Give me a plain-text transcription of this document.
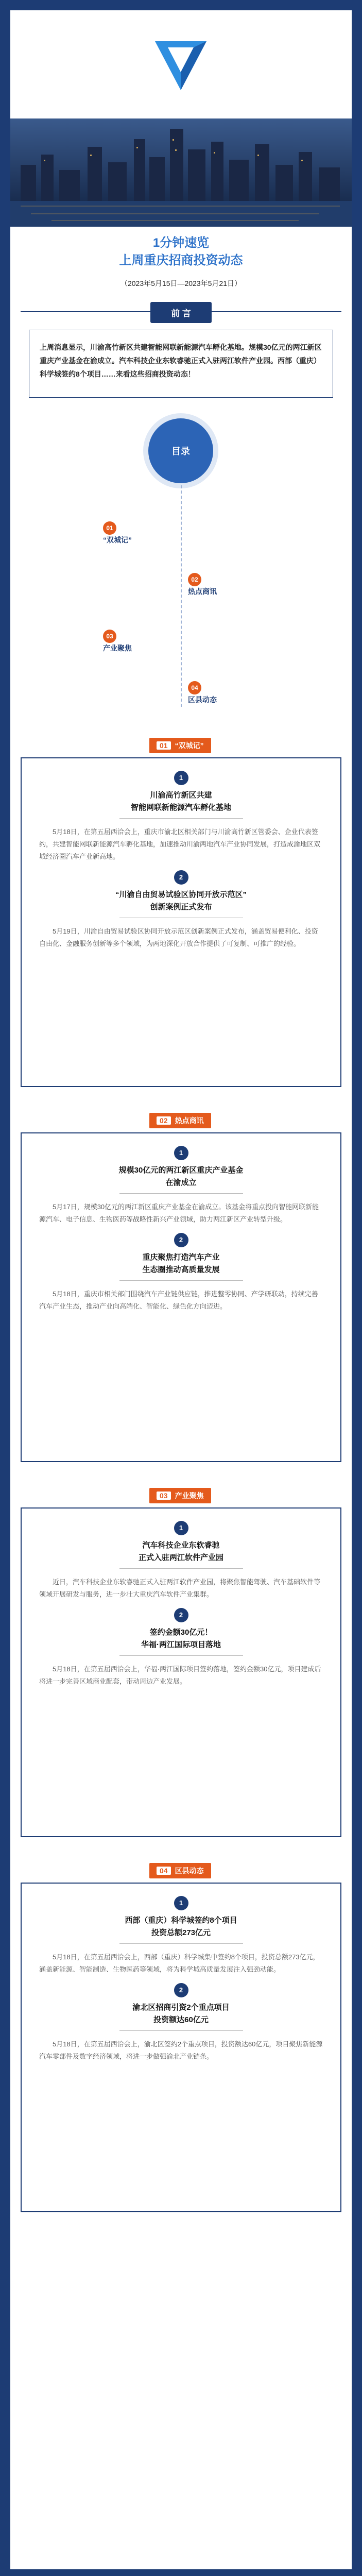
1分钟速览
上周重庆招商投资动态
（2023年5月15日—2023年5月21日）
前 言
上周消息显示，川渝高竹新区共建智能网联新能源汽车孵化基地。规模30亿元的两江新区重庆产业基金在渝成立。汽车科技企业东软睿驰正式入驻两江软件产业园。西部（重庆）科学城签约8个项目……来看这些招商投资动态！
目录
01
“双城记”
02
热点商讯
03
产业聚焦
04
区县动态
01 “双城记”
1
川渝高竹新区共建
智能网联新能源汽车孵化基地

5月18日，在第五届西洽会上，重庆市渝北区相关部门与川渝高竹新区管委会、企业代表签约，共建智能网联新能源汽车孵化基地，加速推动川渝两地汽车产业协同发展，打造成渝地区双城经济圈汽车产业新高地。

2
“川渝自由贸易试验区协同开放示范区”
创新案例正式发布

5月19日，川渝自由贸易试验区协同开放示范区创新案例正式发布，涵盖贸易便利化、投资自由化、金融服务创新等多个领域，为两地深化开放合作提供了可复制、可推广的经验。

02 热点商讯
1
规模30亿元的两江新区重庆产业基金
在渝成立

5月17日，规模30亿元的两江新区重庆产业基金在渝成立。该基金将重点投向智能网联新能源汽车、电子信息、生物医药等战略性新兴产业领域，助力两江新区产业转型升级。

2
重庆聚焦打造汽车产业
生态圈推动高质量发展

5月18日，重庆市相关部门围绕汽车产业链供应链，推进整零协同、产学研联动，持续完善汽车产业生态，推动产业向高端化、智能化、绿色化方向迈进。

03 产业聚焦
1
汽车科技企业东软睿驰
正式入驻两江软件产业园

近日，汽车科技企业东软睿驰正式入驻两江软件产业园，将聚焦智能驾驶、汽车基础软件等领域开展研发与服务，进一步壮大重庆汽车软件产业集群。

2
签约金额30亿元！
华福·两江国际项目落地

5月18日，在第五届西洽会上，华福·两江国际项目签约落地，签约金额30亿元，项目建成后将进一步完善区域商业配套，带动周边产业发展。

04 区县动态
1
西部（重庆）科学城签约8个项目
投资总额273亿元

5月18日，在第五届西洽会上，西部（重庆）科学城集中签约8个项目，投资总额273亿元，涵盖新能源、智能制造、生物医药等领域，将为科学城高质量发展注入强劲动能。

2
渝北区招商引资2个重点项目
投资额达60亿元

5月18日，在第五届西洽会上，渝北区签约2个重点项目，投资额达60亿元，项目聚焦新能源汽车零部件及数字经济领域，将进一步做强渝北产业链条。
